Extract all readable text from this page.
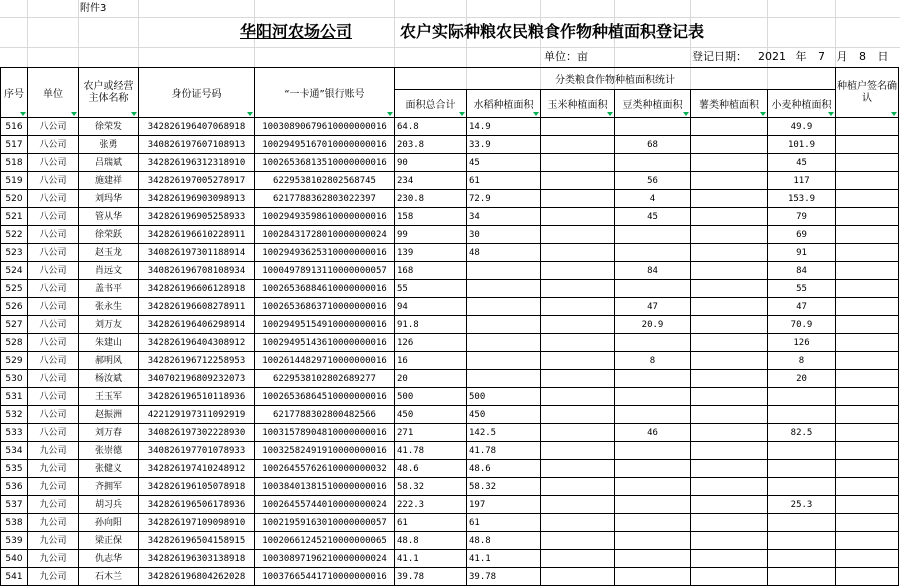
附件3
华阳河农场公司	农户实际种粮农民粮食作物种植面积登记表
单位：亩	登记日期： 2021 年 7 月 8 日
序号	单位	农户或经营主体名称	身份证号码	“一卡通”银行账号	分类粮食作物种植面积统计						种植户签名确认

					面积总合计	水稻种植面积	玉米种植面积	豆类种植面积	薯类种植面积	小麦种植面积	

516	八公司	徐荣发	342826196407068918	10030890679610000000016	64.8	14.9				49.9	
517	八公司	张勇	340826197607108913	10029495167010000000016	203.8	33.9		68		101.9	
518	八公司	吕瑞斌	342826196312318910	10026536813510000000016	90	45				45	
519	八公司	施建祥	342826197005278917	6229538102802568745	234	61		56		117	
520	八公司	刘玛华	342826196903098913	6217788362803022397	230.8	72.9		4		153.9	
521	八公司	管从华	342826196905258933	10029493598610000000016	158	34		45		79	
522	八公司	徐荣跃	342826196610228911	10028431728010000000024	99	30				69	
523	八公司	赵玉龙	340826197301188914	10029493625310000000016	139	48				91	
524	八公司	肖远文	340826196708108934	10004978913110000000057	168			84		84	
525	八公司	盖书平	342826196606128918	10026536884610000000016	55					55	
526	八公司	张永生	342826196608278911	10026536863710000000016	94			47		47	
527	八公司	刘万友	342826196406298914	10029495154910000000016	91.8			20.9		70.9	
528	八公司	朱建山	342826196404308912	10029495143610000000016	126					126	
529	八公司	郝明风	342826196712258953	10026144829710000000016	16			8		8	
530	八公司	杨汝斌	340702196809232073	6229538102802689277	20					20	
531	八公司	王玉军	342826196510118936	10026536864510000000016	500	500					
532	八公司	赵振洲	422129197311092919	6217788302800482566	450	450					
533	八公司	刘万春	340826197302228930	10031578904810000000016	271	142.5		46		82.5	
534	九公司	张崇德	340826197701078933	10032582491910000000016	41.78	41.78					
535	九公司	张健义	342826197410248912	10026455762610000000032	48.6	48.6					
536	九公司	齐拥军	342826196105078918	10038401381510000000016	58.32	58.32					
537	九公司	胡习兵	342826196506178936	10026455744010000000024	222.3	197				25.3	
538	九公司	孙向阳	342826197109098910	10021959163010000000057	61	61					
539	九公司	梁正保	342826196504158915	10020661245210000000065	48.8	48.8					
540	九公司	仇志华	342826196303138918	10030897196210000000024	41.1	41.1					
541	九公司	石木兰	342826196804262028	10037665441710000000016	39.78	39.78					
